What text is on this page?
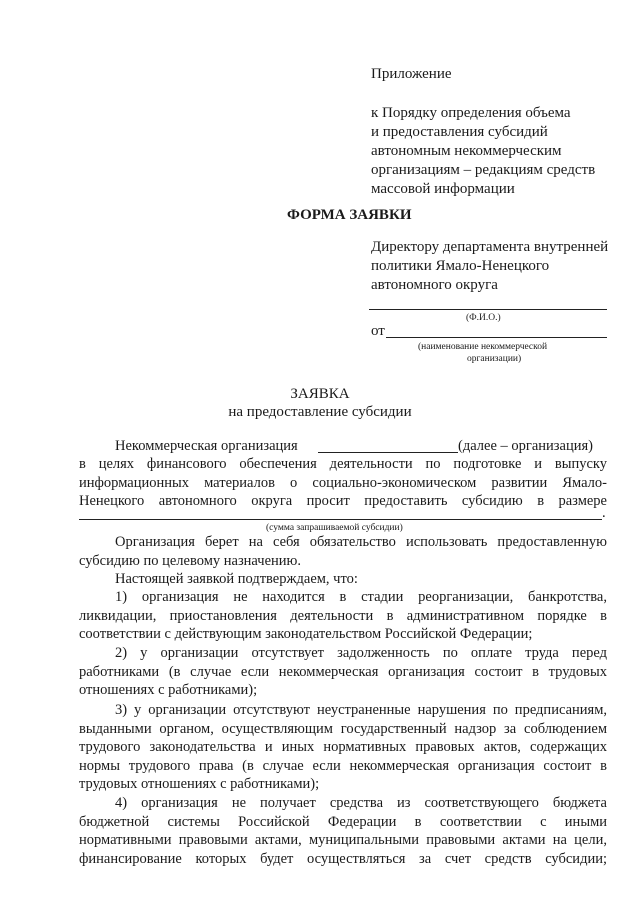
Приложение
к Порядку определения объема
и предоставления субсидий
автономным некоммерческим
организациям – редакциям средств
массовой информации
ФОРМА ЗАЯВКИ
Директору департамента внутренней
политики Ямало-Ненецкого
автономного округа
(Ф.И.О.)
от
(наименование некоммерческой
организации)
ЗАЯВКА
на предоставление субсидии
Некоммерческая организация	(далее – организация)
в целях финансового обеспечения деятельности по подготовке и выпуску
информационных материалов о социально-экономическом развитии Ямало-
Ненецкого автономного округа просит предоставить субсидию в размере
.
(сумма запрашиваемой субсидии)
Организация берет на себя обязательство использовать предоставленную
субсидию по целевому назначению.
Настоящей заявкой подтверждаем, что:
1) организация не находится в стадии реорганизации, банкротства,
ликвидации, приостановления деятельности в административном порядке в
соответствии с действующим законодательством Российской Федерации;
2) у организации отсутствует задолженность по оплате труда перед
работниками (в случае если некоммерческая организация состоит в трудовых
отношениях с работниками);
3) у организации отсутствуют неустраненные нарушения по предписаниям,
выданными органом, осуществляющим государственный надзор за соблюдением
трудового законодательства и иных нормативных правовых актов, содержащих
нормы трудового права (в случае если некоммерческая организация состоит в
трудовых отношениях с работниками);
4) организация не получает средства из соответствующего бюджета
бюджетной системы Российской Федерации в соответствии с иными
нормативными правовыми актами, муниципальными правовыми актами на цели,
финансирование которых будет осуществляться за счет средств субсидии;
